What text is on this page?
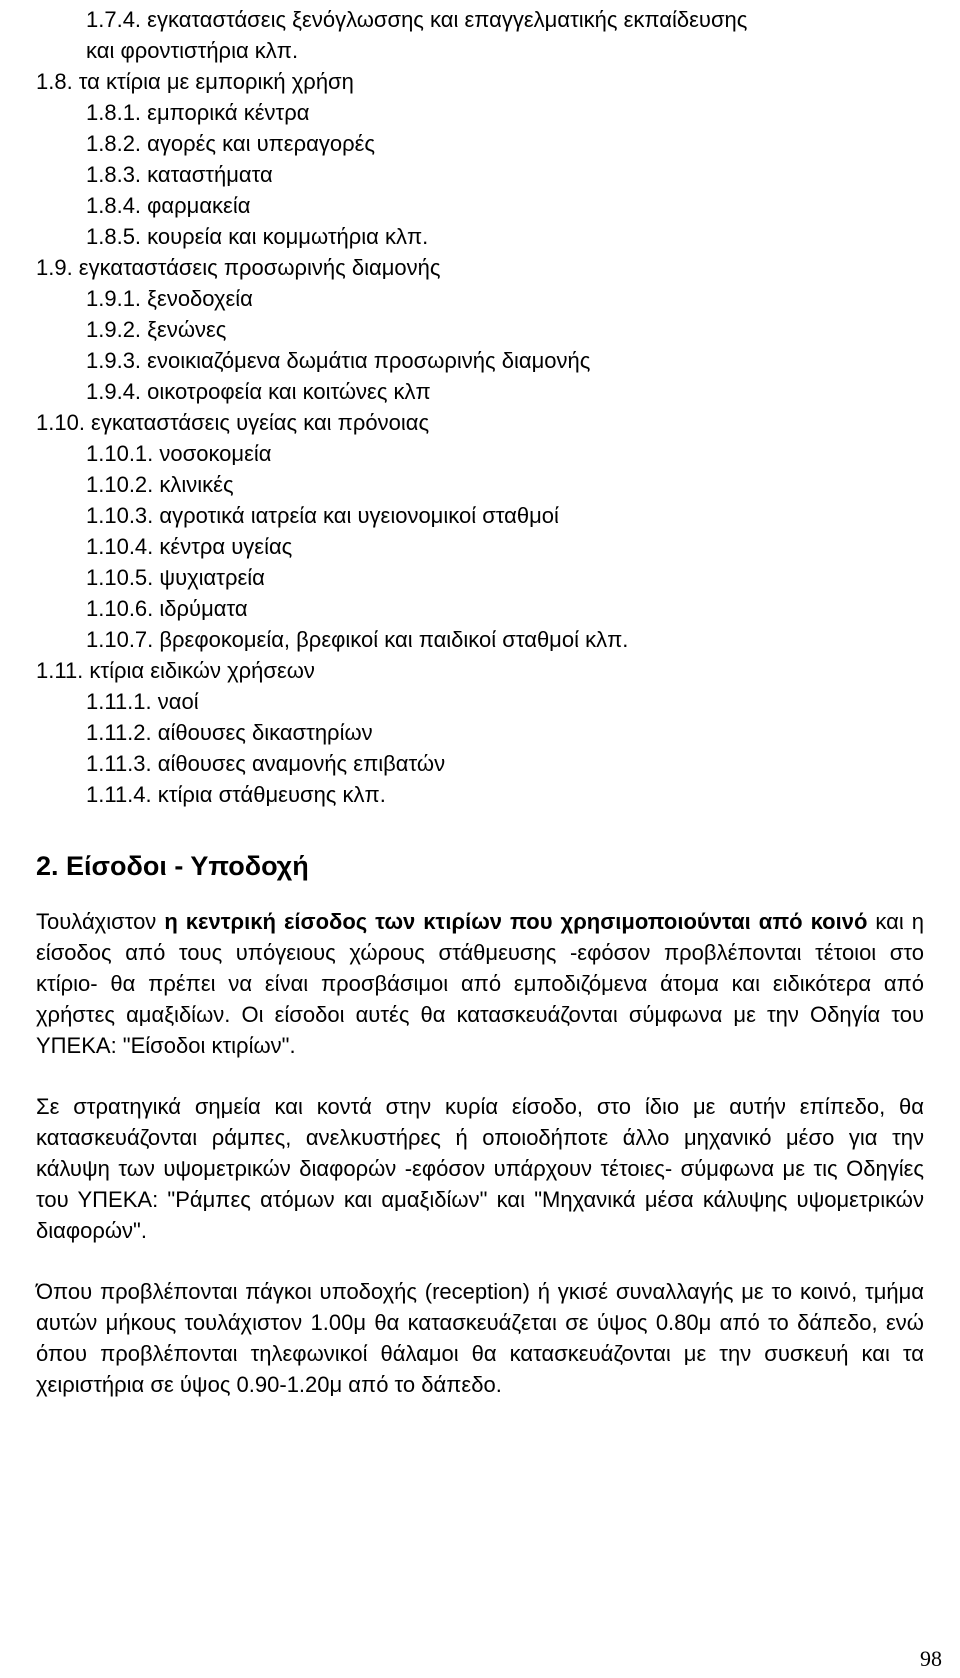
1.7.4. εγκαταστάσεις ξενόγλωσσης και επαγγελματικής εκπαίδευσης
και φροντιστήρια κλπ.
1.8. τα κτίρια με εμπορική χρήση
1.8.1. εμπορικά κέντρα
1.8.2. αγορές και υπεραγορές
1.8.3. καταστήματα
1.8.4. φαρμακεία
1.8.5. κουρεία και κομμωτήρια κλπ.
1.9. εγκαταστάσεις προσωρινής διαμονής
1.9.1. ξενοδοχεία
1.9.2. ξενώνες
1.9.3. ενοικιαζόμενα δωμάτια προσωρινής διαμονής
1.9.4. οικοτροφεία και κοιτώνες κλπ
1.10. εγκαταστάσεις υγείας και πρόνοιας
1.10.1. νοσοκομεία
1.10.2. κλινικές
1.10.3. αγροτικά ιατρεία και υγειονομικοί σταθμοί
1.10.4. κέντρα υγείας
1.10.5. ψυχιατρεία
1.10.6. ιδρύματα
1.10.7. βρεφοκομεία, βρεφικοί και παιδικοί σταθμοί κλπ.
1.11. κτίρια ειδικών χρήσεων
1.11.1. ναοί
1.11.2. αίθουσες δικαστηρίων
1.11.3. αίθουσες αναμονής επιβατών
1.11.4. κτίρια στάθμευσης κλπ.
2. Είσοδοι - Υποδοχή

Τουλάχιστον η κεντρική είσοδος των κτιρίων που χρησιμοποιούνται από κοινό και η είσοδος από τους υπόγειους χώρους στάθμευσης -εφόσον προβλέπονται τέτοιοι στο κτίριο- θα πρέπει να είναι προσβάσιμοι από εμποδιζόμενα άτομα και ειδικότερα από χρήστες αμαξιδίων. Οι είσοδοι αυτές θα κατασκευάζονται σύμφωνα με την Οδηγία του ΥΠΕΚΑ: "Είσοδοι κτιρίων".

Σε στρατηγικά σημεία και κοντά στην κυρία είσοδο, στο ίδιο με αυτήν επίπεδο, θα κατασκευάζονται ράμπες, ανελκυστήρες ή οποιοδήποτε άλλο μηχανικό μέσο για την κάλυψη των υψομετρικών διαφορών -εφόσον υπάρχουν τέτοιες- σύμφωνα με τις Οδηγίες του ΥΠΕΚΑ: "Ράμπες ατόμων και αμαξιδίων" και "Μηχανικά μέσα κάλυψης υψομετρικών διαφορών".

Όπου προβλέπονται πάγκοι υποδοχής (reception) ή γκισέ συναλλαγής με το κοινό, τμήμα αυτών μήκους τουλάχιστον 1.00μ θα κατασκευάζεται σε ύψος 0.80μ από το δάπεδο, ενώ όπου προβλέπονται τηλεφωνικοί θάλαμοι θα κατασκευάζονται με την συσκευή και τα χειριστήρια σε ύψος 0.90-1.20μ από το δάπεδο.

98
